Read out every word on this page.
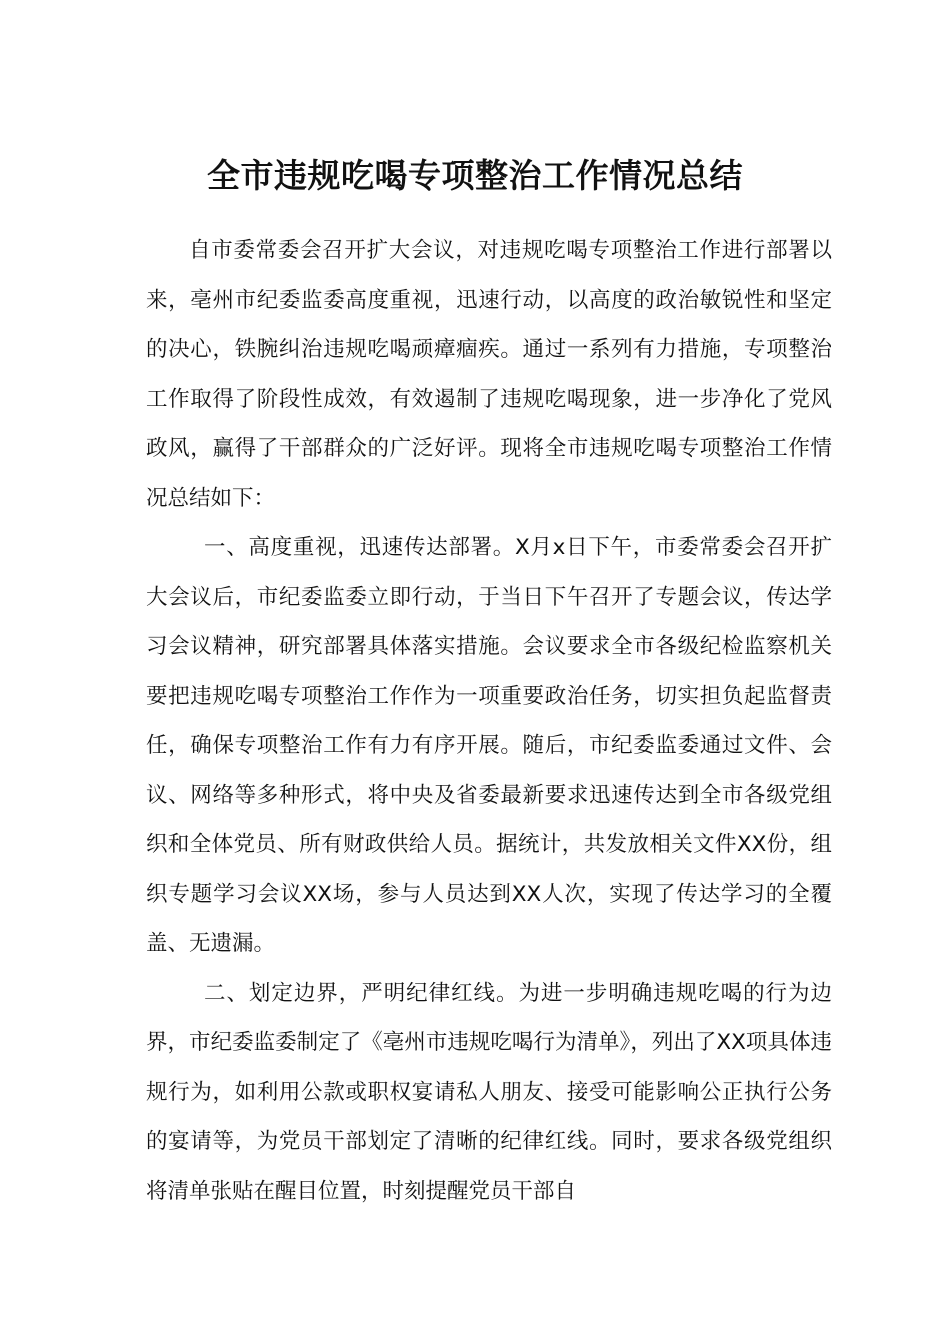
全市违规吃喝专项整治工作情况总结

自市委常委会召开扩大会议，对违规吃喝专项整治工作进行部署以来，亳州市纪委监委高度重视，迅速行动，以高度的政治敏锐性和坚定的决心，铁腕纠治违规吃喝顽瘴痼疾。通过一系列有力措施，专项整治工作取得了阶段性成效，有效遏制了违规吃喝现象，进一步净化了党风政风，赢得了干部群众的广泛好评。现将全市违规吃喝专项整治工作情况总结如下：

一、高度重视，迅速传达部署。X月x日下午，市委常委会召开扩大会议后，市纪委监委立即行动，于当日下午召开了专题会议，传达学习会议精神，研究部署具体落实措施。会议要求全市各级纪检监察机关要把违规吃喝专项整治工作作为一项重要政治任务，切实担负起监督责任，确保专项整治工作有力有序开展。随后，市纪委监委通过文件、会议、网络等多种形式，将中央及省委最新要求迅速传达到全市各级党组织和全体党员、所有财政供给人员。据统计，共发放相关文件XX份，组织专题学习会议XX场，参与人员达到XX人次，实现了传达学习的全覆盖、无遗漏。

二、划定边界，严明纪律红线。为进一步明确违规吃喝的行为边界，市纪委监委制定了《亳州市违规吃喝行为清单》，列出了XX项具体违规行为，如利用公款或职权宴请私人朋友、接受可能影响公正执行公务的宴请等，为党员干部划定了清晰的纪律红线。同时，要求各级党组织将清单张贴在醒目位置，时刻提醒党员干部自
